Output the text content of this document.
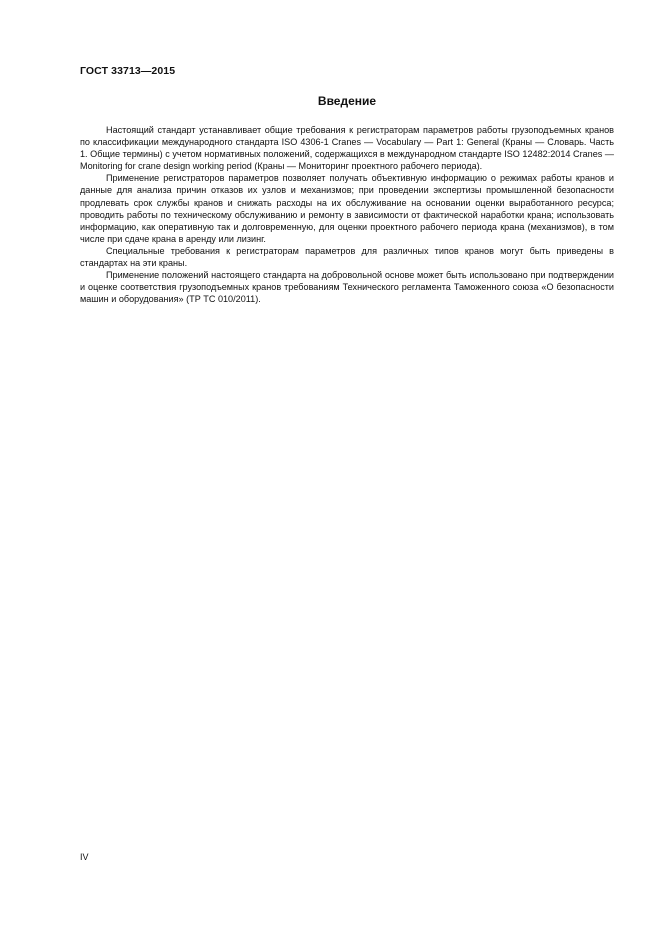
ГОСТ 33713—2015
Введение

Настоящий стандарт устанавливает общие требования к регистраторам параметров работы грузоподъемных кранов по классификации международного стандарта ISO 4306-1 Cranes — Vocabulary — Part 1: General (Краны — Словарь. Часть 1. Общие термины) с учетом нормативных положений, содержащихся в международном стандарте ISO 12482:2014 Cranes — Monitoring for crane design working period (Краны — Мониторинг проектного рабочего периода).

Применение регистраторов параметров позволяет получать объективную информацию о режимах работы кранов и данные для анализа причин отказов их узлов и механизмов; при проведении экспертизы промышленной безопасности продлевать срок службы кранов и снижать расходы на их обслуживание на основании оценки выработанного ресурса; проводить работы по техническому обслуживанию и ремонту в зависимости от фактической наработки крана; использовать информацию, как оперативную так и долговременную, для оценки проектного рабочего периода крана (механизмов), в том числе при сдаче крана в аренду или лизинг.

Специальные требования к регистраторам параметров для различных типов кранов могут быть приведены в стандартах на эти краны.

Применение положений настоящего стандарта на добровольной основе может быть использовано при подтверждении и оценке соответствия грузоподъемных кранов требованиям Технического регламента Таможенного союза «О безопасности машин и оборудования» (ТР ТС 010/2011).

IV
